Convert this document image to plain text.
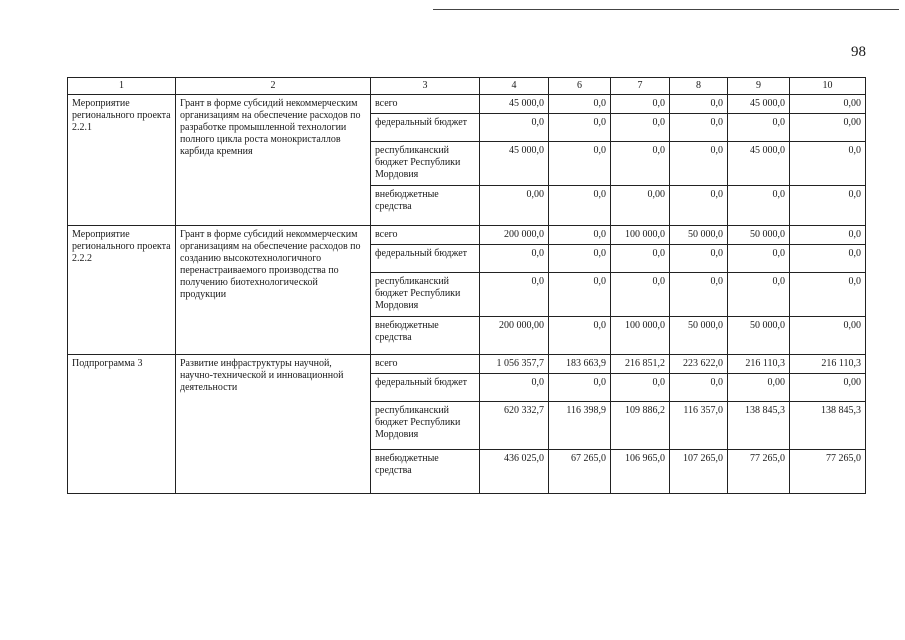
98
1	2	3	4	6	7	8	9	10
Мероприятие регионального проекта 2.2.1	Грант в форме субсидий некоммерческим организациям на обеспечение расходов по разработке промышленной технологии полного цикла роста монокристаллов карбида кремния	всего	45 000,0	0,0	0,0	0,0	45 000,0	0,00
		федеральный бюджет	0,0	0,0	0,0	0,0	0,0	0,00
		республиканский бюджет Республики Мордовия	45 000,0	0,0	0,0	0,0	45 000,0	0,0
		внебюджетные средства	0,00	0,0	0,00	0,0	0,0	0,0
Мероприятие регионального проекта 2.2.2	Грант в форме субсидий некоммерческим организациям на обеспечение расходов по созданию высокотехнологичного перенастраиваемого производства по получению биотехнологической продукции	всего	200 000,0	0,0	100 000,0	50 000,0	50 000,0	0,0
		федеральный бюджет	0,0	0,0	0,0	0,0	0,0	0,0
		республиканский бюджет Республики Мордовия	0,0	0,0	0,0	0,0	0,0	0,0
		внебюджетные средства	200 000,00	0,0	100 000,0	50 000,0	50 000,0	0,00
Подпрограмма 3	Развитие инфраструктуры научной, научно-технической и инновационной деятельности	всего	1 056 357,7	183 663,9	216 851,2	223 622,0	216 110,3	216 110,3
		федеральный бюджет	0,0	0,0	0,0	0,0	0,00	0,00
		республиканский бюджет Республики Мордовия	620 332,7	116 398,9	109 886,2	116 357,0	138 845,3	138 845,3
		внебюджетные средства	436 025,0	67 265,0	106 965,0	107 265,0	77 265,0	77 265,0
